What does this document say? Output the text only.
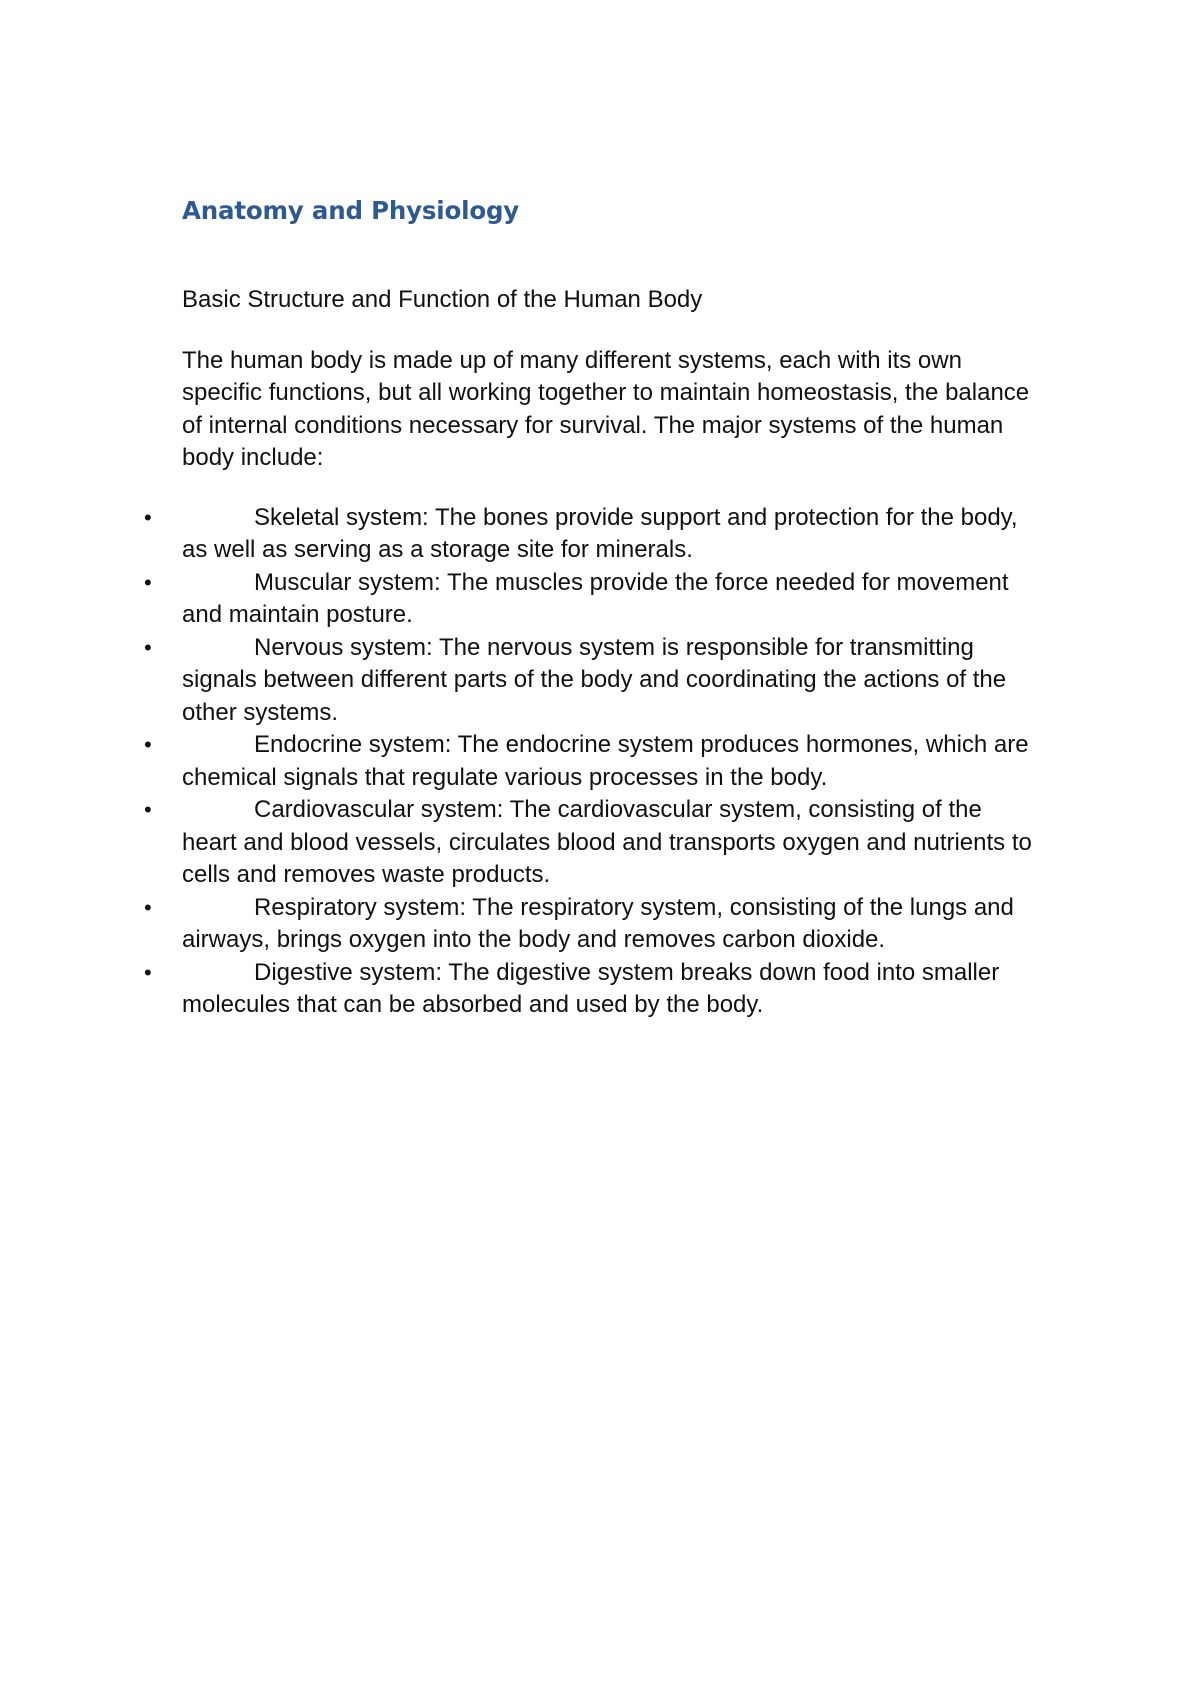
Anatomy and Physiology

Basic Structure and Function of the Human Body

The human body is made up of many different systems, each with its own specific functions, but all working together to maintain homeostasis, the balance of internal conditions necessary for survival. The major systems of the human body include:

•	Skeletal system: The bones provide support and protection for the body, as well as serving as a storage site for minerals.
•	Muscular system: The muscles provide the force needed for movement and maintain posture.
•	Nervous system: The nervous system is responsible for transmitting signals between different parts of the body and coordinating the actions of the other systems.
•	Endocrine system: The endocrine system produces hormones, which are chemical signals that regulate various processes in the body.
•	Cardiovascular system: The cardiovascular system, consisting of the heart and blood vessels, circulates blood and transports oxygen and nutrients to cells and removes waste products.
•	Respiratory system: The respiratory system, consisting of the lungs and airways, brings oxygen into the body and removes carbon dioxide.
•	Digestive system: The digestive system breaks down food into smaller molecules that can be absorbed and used by the body.
